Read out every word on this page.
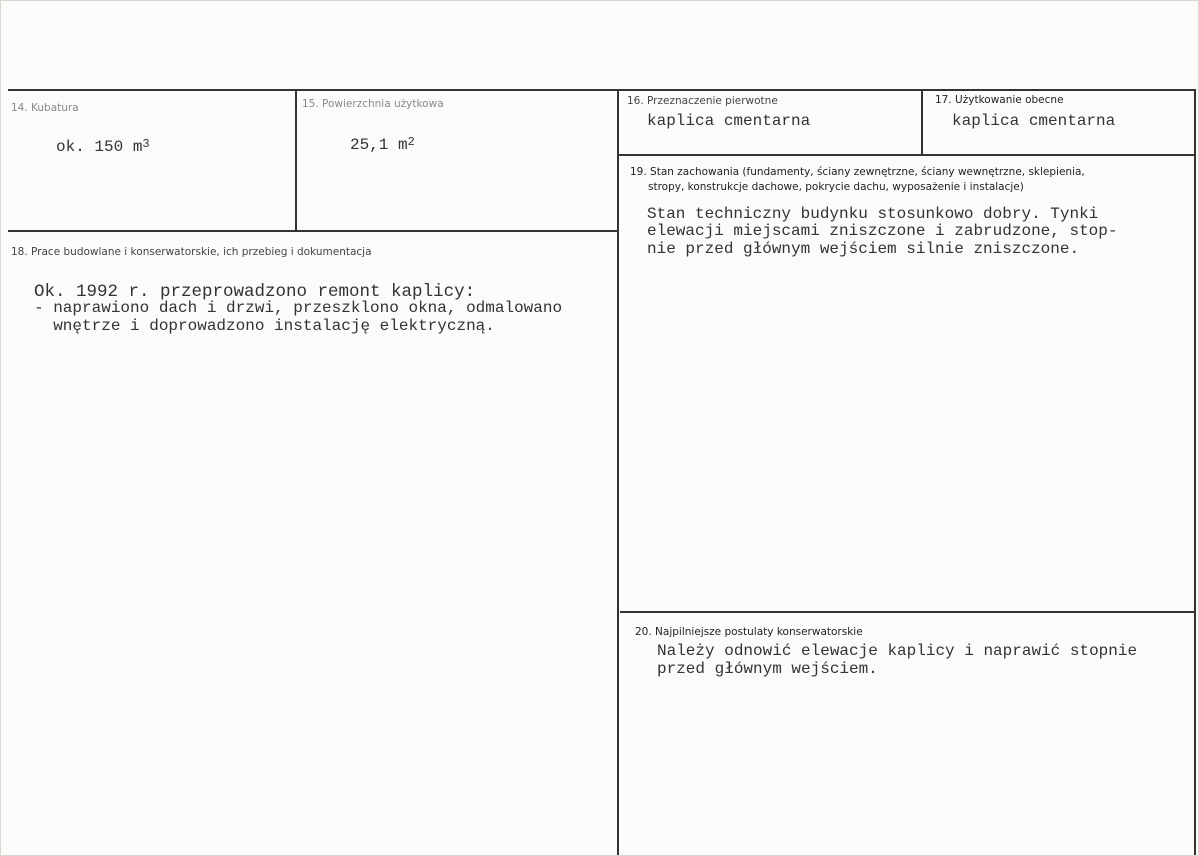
14. Kubatura
ok. 150 $m^3$
15. Powierzchnia użytkowa
25,1 $m^2$
16. Przeznaczenie pierwotne
kaplica cmentarna
17. Użytkowanie obecne
kaplica cmentarna
18. Prace budowlane i konserwatorskie, ich przebieg i dokumentacja
Ok. 1992 r. przeprowadzono remont kaplicy:
- naprawiono dach i drzwi, przeszklono okna, odmalowano
wnętrze i doprowadzono instalację elektryczną.
19. Stan zachowania (fundamenty, ściany zewnętrzne, ściany wewnętrzne, sklepienia,
stropy, konstrukcje dachowe, pokrycie dachu, wyposażenie i instalacje)
Stan techniczny budynku stosunkowo dobry. Tynki
elewacji miejscami zniszczone i zabrudzone, stop-
nie przed głównym wejściem silnie zniszczone.
20. Najpilniejsze postulaty konserwatorskie
Należy odnowić elewacje kaplicy i naprawić stopnie
przed głównym wejściem.
